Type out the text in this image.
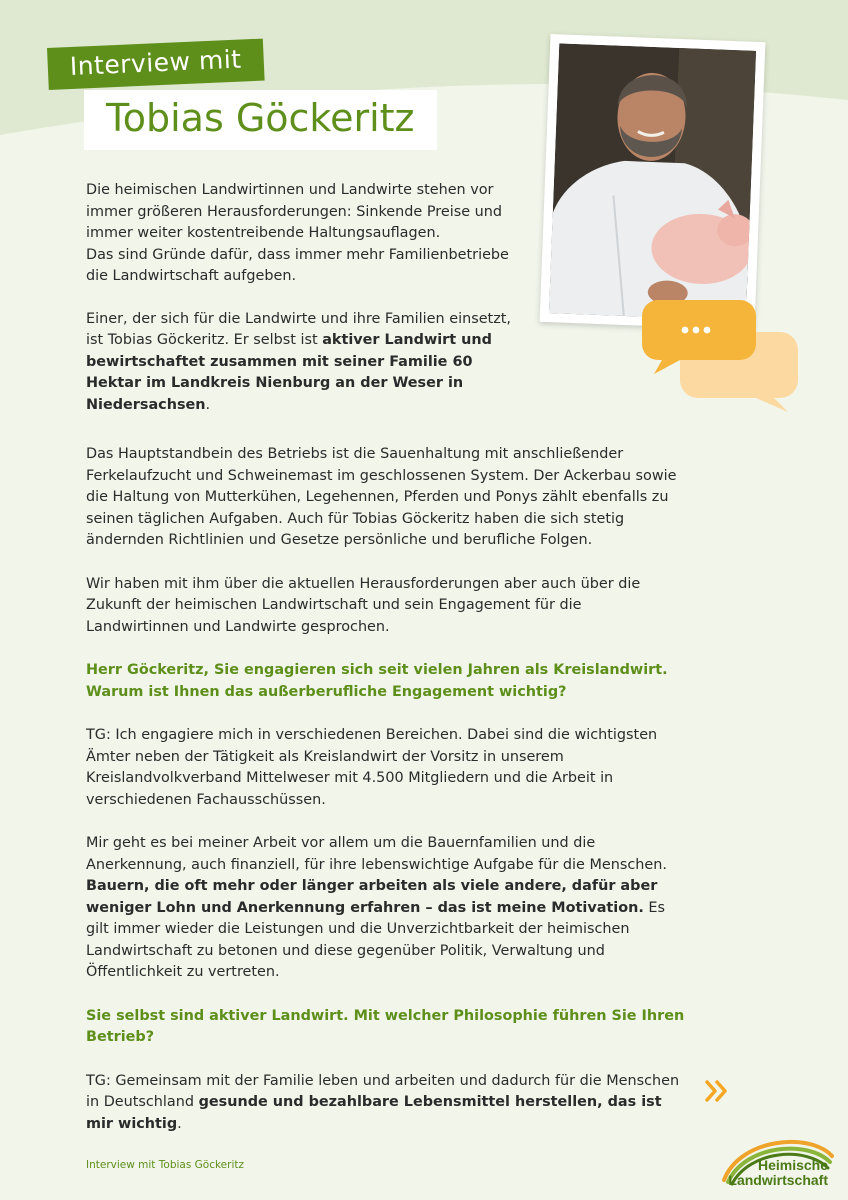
Interview mit
Tobias Göckeritz

Die heimischen Landwirtinnen und Landwirte stehen vor
immer größeren Herausforderungen: Sinkende Preise und
immer weiter kostentreibende Haltungsauflagen.
Das sind Gründe dafür, dass immer mehr Familienbetriebe
die Landwirtschaft aufgeben.

Einer, der sich für die Landwirte und ihre Familien einsetzt, ist Tobias Göckeritz. Er selbst ist aktiver Landwirt und bewirtschaftet zusammen mit seiner Familie 60 Hektar im Landkreis Nienburg an der Weser in Niedersachsen.

Das Hauptstandbein des Betriebs ist die Sauenhaltung mit anschließender Ferkelaufzucht und Schweinemast im geschlossenen System. Der Ackerbau sowie die Haltung von Mutterkühen, Legehennen, Pferden und Ponys zählt ebenfalls zu seinen täglichen Aufgaben. Auch für Tobias Göckeritz haben die sich stetig ändernden Richtlinien und Gesetze persönliche und berufliche Folgen.

Wir haben mit ihm über die aktuellen Herausforderungen aber auch über die Zukunft der heimischen Landwirtschaft und sein Engagement für die Landwirtinnen und Landwirte gesprochen.

Herr Göckeritz, Sie engagieren sich seit vielen Jahren als Kreislandwirt. Warum ist Ihnen das außerberufliche Engagement wichtig?

TG: Ich engagiere mich in verschiedenen Bereichen. Dabei sind die wichtigsten Ämter neben der Tätigkeit als Kreislandwirt der Vorsitz in unserem Kreislandvolkverband Mittelweser mit 4.500 Mitgliedern und die Arbeit in verschiedenen Fachausschüssen.

Mir geht es bei meiner Arbeit vor allem um die Bauernfamilien und die Anerkennung, auch finanziell, für ihre lebenswichtige Aufgabe für die Menschen. Bauern, die oft mehr oder länger arbeiten als viele andere, dafür aber weniger Lohn und Anerkennung erfahren – das ist meine Motivation. Es gilt immer wieder die Leistungen und die Unverzichtbarkeit der heimischen Landwirtschaft zu betonen und diese gegenüber Politik, Verwaltung und Öffentlichkeit zu vertreten.

Sie selbst sind aktiver Landwirt. Mit welcher Philosophie führen Sie Ihren Betrieb?

TG: Gemeinsam mit der Familie leben und arbeiten und dadurch für die Menschen in Deutschland gesunde und bezahlbare Lebensmittel herstellen, das ist mir wichtig.

Interview mit Tobias Göckeritz	Heimische
Landwirtschaft
